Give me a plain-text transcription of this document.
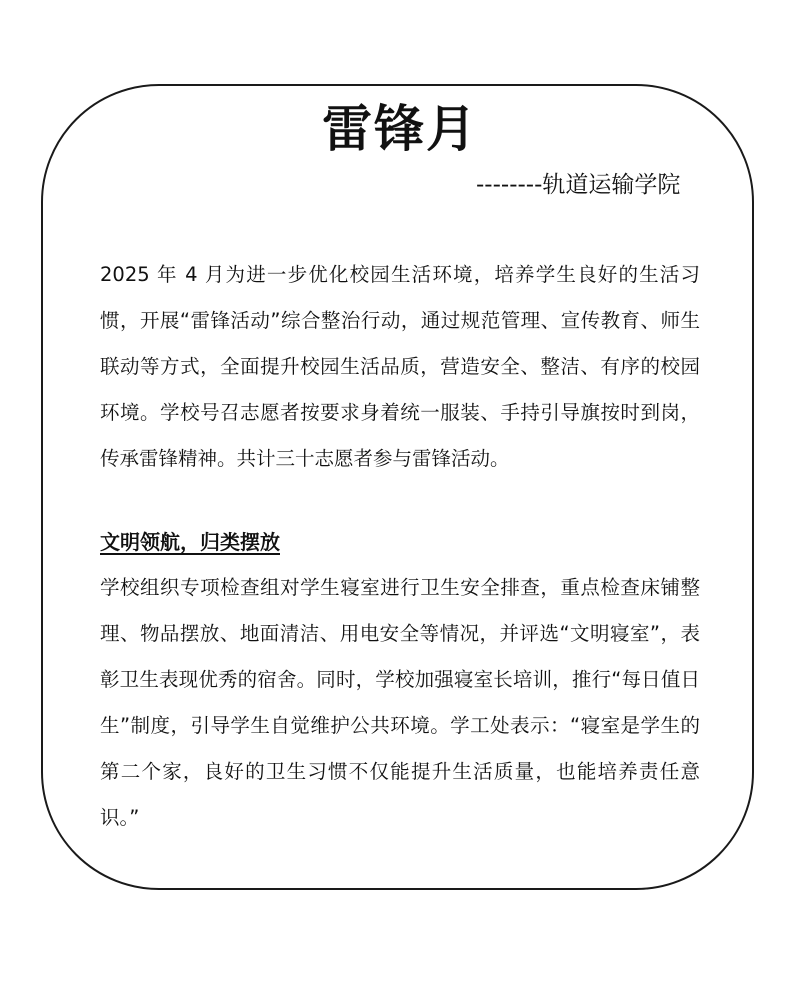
雷锋月
--------轨道运输学院

2025 年 4 月为进一步优化校园生活环境，培养学生良好的生活习惯，开展“雷锋活动”综合整治行动，通过规范管理、宣传教育、师生联动等方式，全面提升校园生活品质，营造安全、整洁、有序的校园环境。学校号召志愿者按要求身着统一服装、手持引导旗按时到岗，传承雷锋精神。共计三十志愿者参与雷锋活动。

文明领航，归类摆放

学校组织专项检查组对学生寝室进行卫生安全排查，重点检查床铺整理、物品摆放、地面清洁、用电安全等情况，并评选“文明寝室”，表彰卫生表现优秀的宿舍。同时，学校加强寝室长培训，推行“每日值日生”制度，引导学生自觉维护公共环境。学工处表示：“寝室是学生的第二个家，良好的卫生习惯不仅能提升生活质量，也能培养责任意识。”
